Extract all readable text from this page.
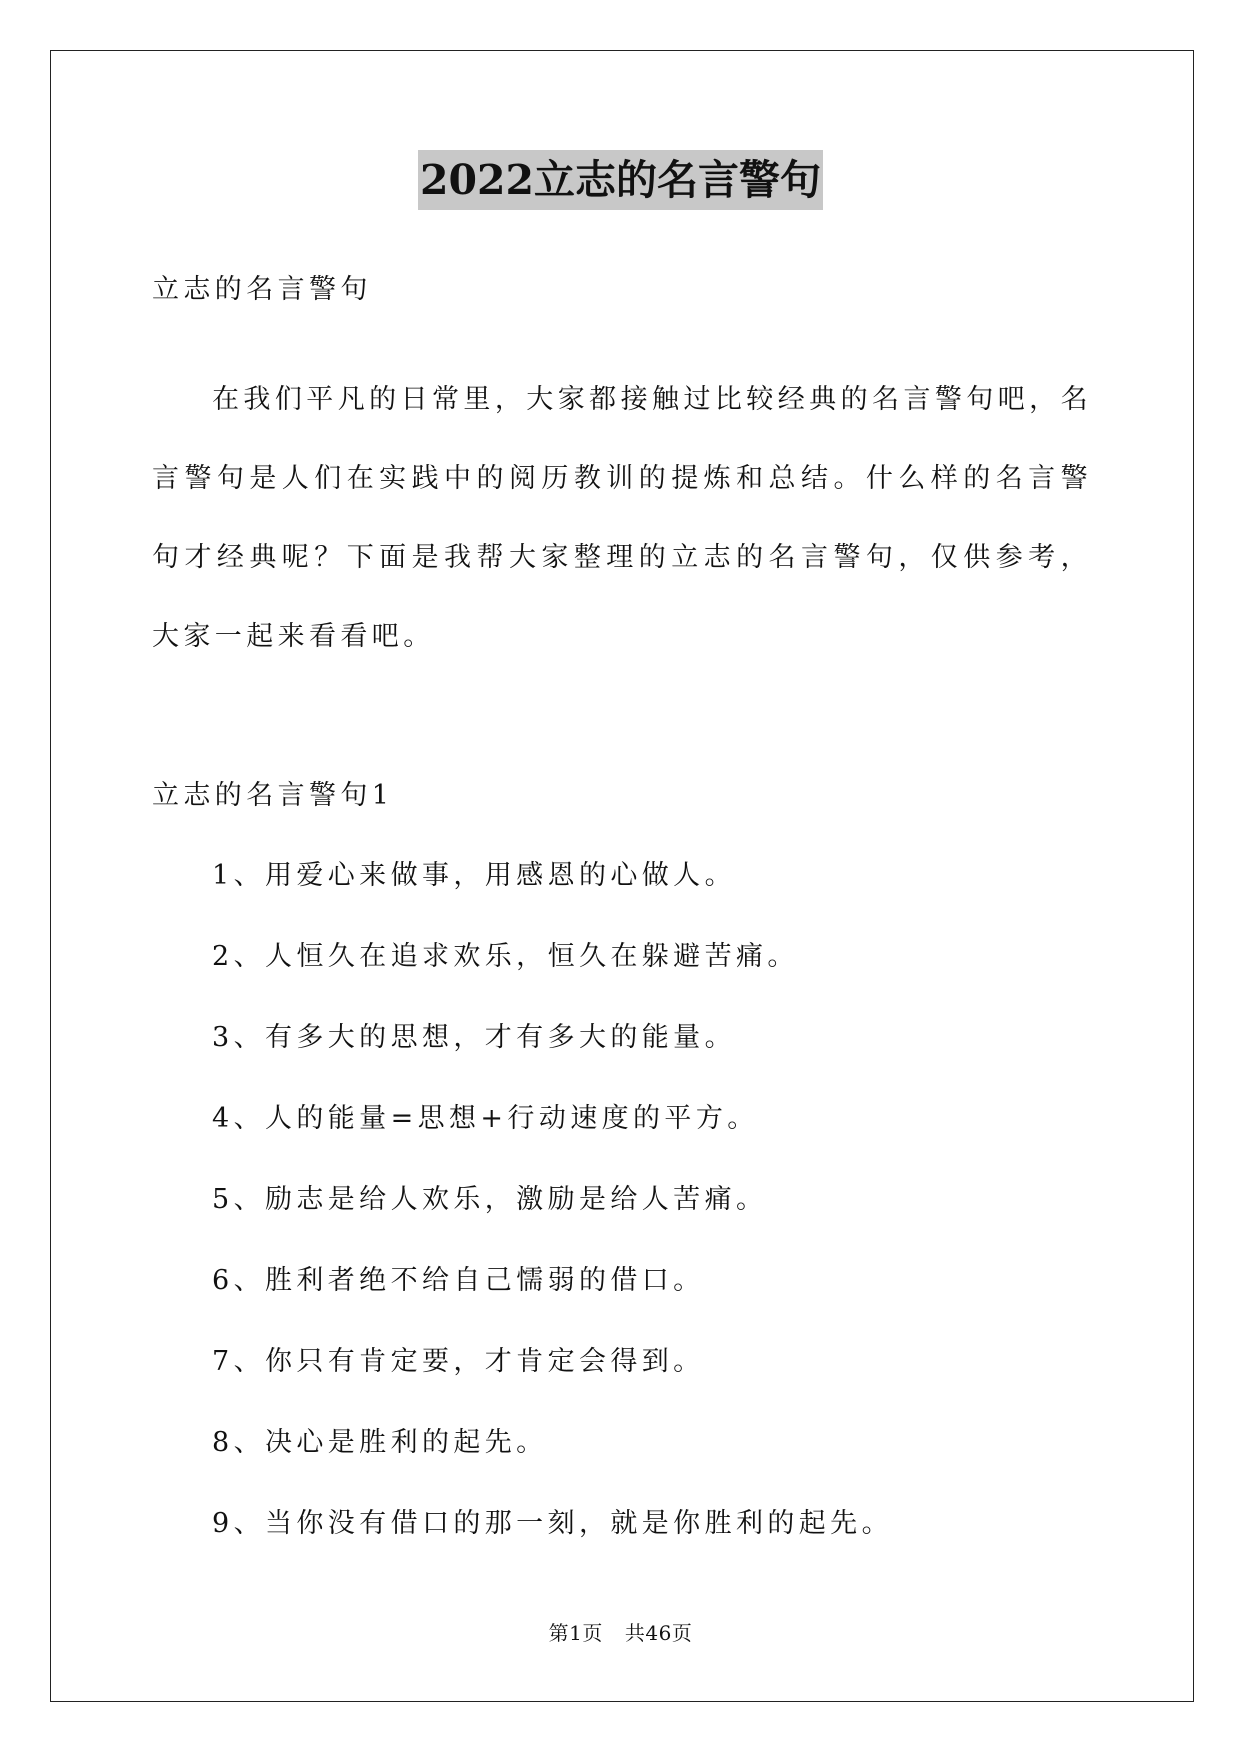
2022立志的名言警句
立志的名言警句
在我们平凡的日常里，大家都接触过比较经典的名言警句吧，名言警句是人们在实践中的阅历教训的提炼和总结。什么样的名言警句才经典呢？下面是我帮大家整理的立志的名言警句，仅供参考，大家一起来看看吧。
立志的名言警句1
1、用爱心来做事，用感恩的心做人。
2、人恒久在追求欢乐，恒久在躲避苦痛。
3、有多大的思想，才有多大的能量。
4、人的能量=思想+行动速度的平方。
5、励志是给人欢乐，激励是给人苦痛。
6、胜利者绝不给自己懦弱的借口。
7、你只有肯定要，才肯定会得到。
8、决心是胜利的起先。
9、当你没有借口的那一刻，就是你胜利的起先。
第1页 共46页
